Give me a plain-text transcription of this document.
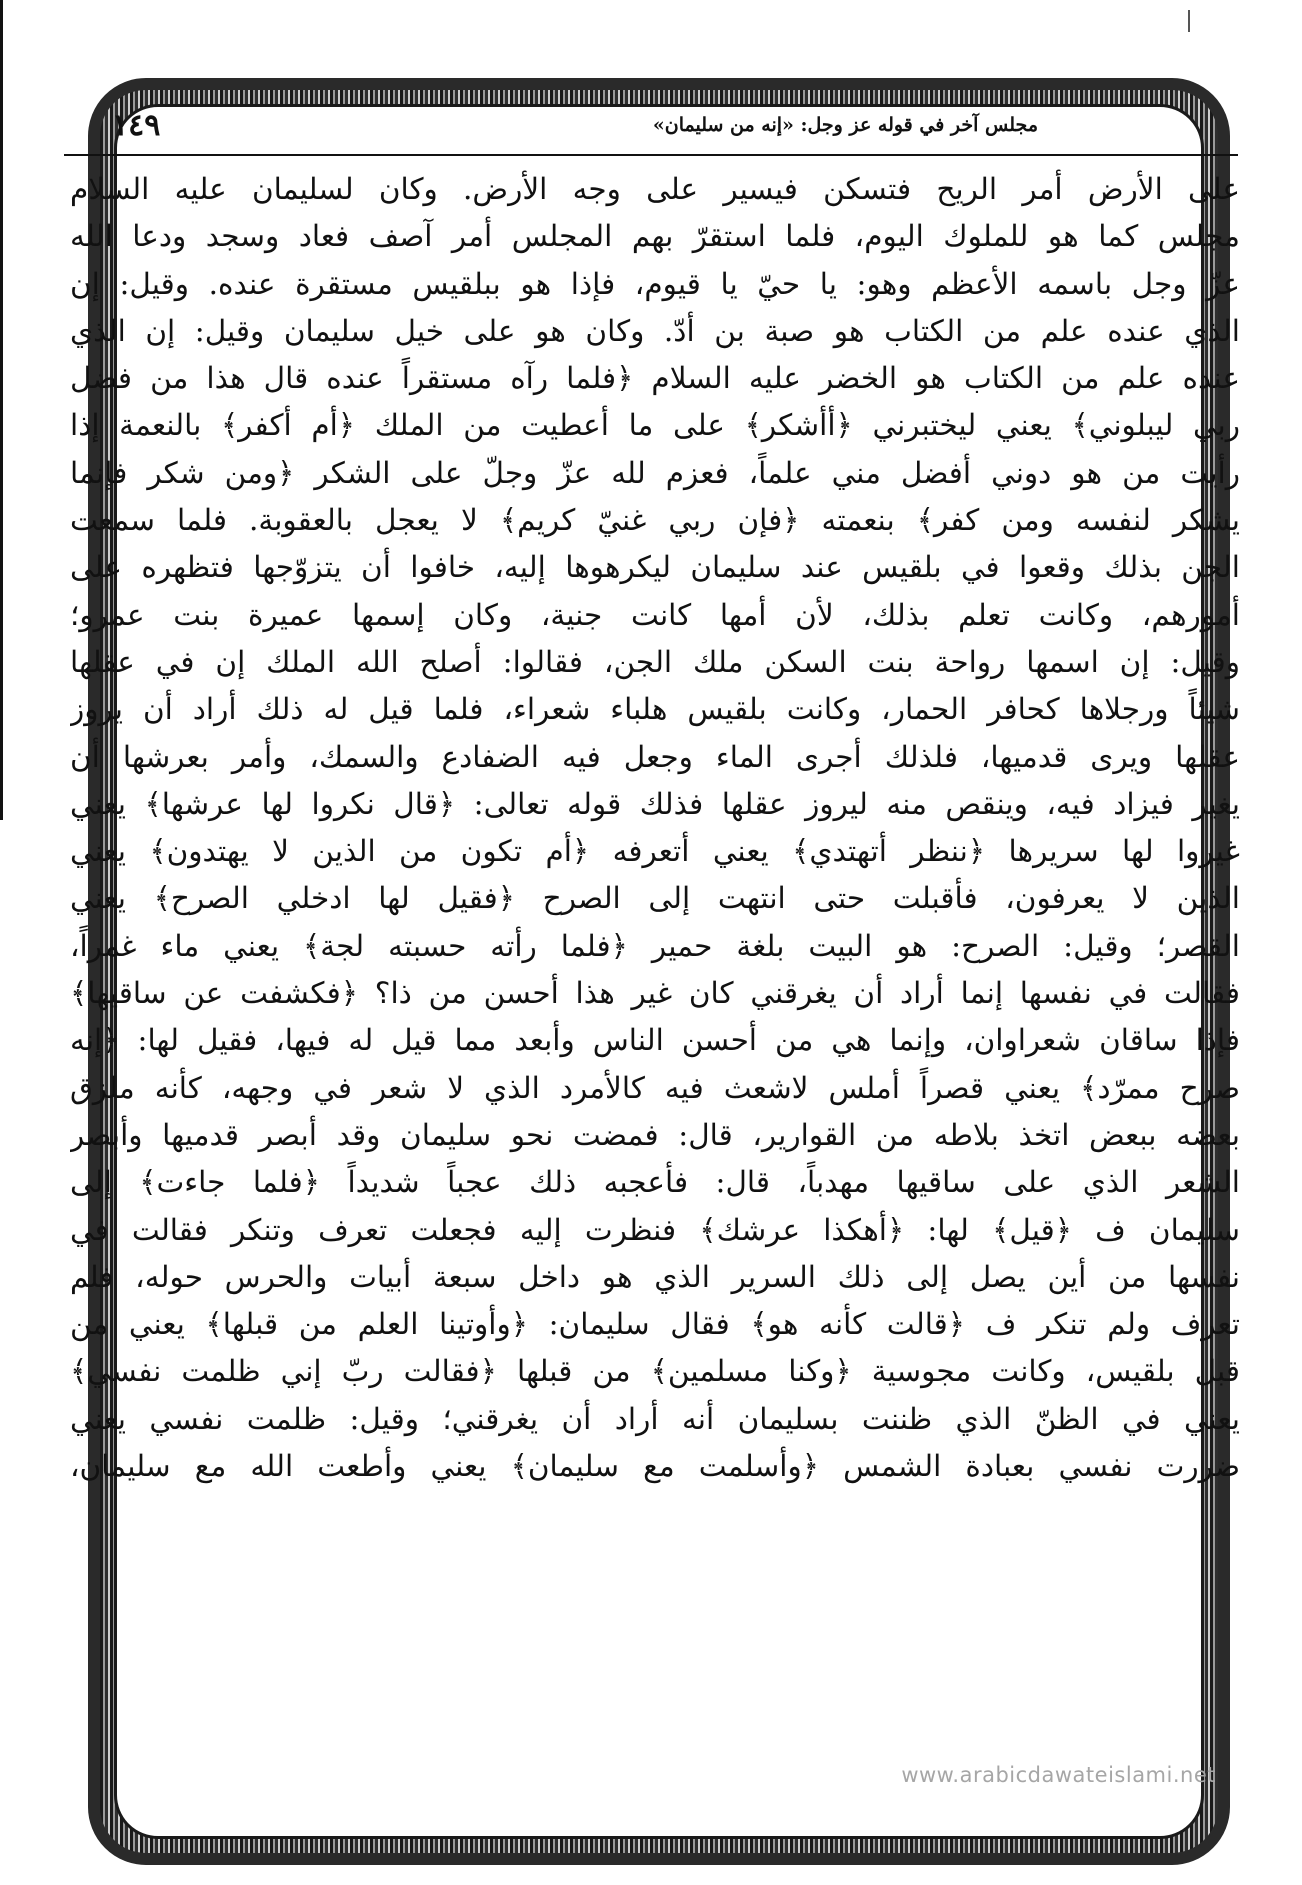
١٤٩	مجلس آخر في قوله عز وجل: «إنه من سليمان»
على الأرض أمر الريح فتسكن فيسير على وجه الأرض. وكان لسليمان عليه السلام
مجلس كما هو للملوك اليوم، فلما استقرّ بهم المجلس أمر آصف فعاد وسجد ودعا الله
عزّ وجل باسمه الأعظم وهو: يا حيّ يا قيوم، فإذا هو ببلقيس مستقرة عنده. وقيل: إن
الذي عنده علم من الكتاب هو صبة بن أدّ. وكان هو على خيل سليمان وقيل: إن الذي
عنده علم من الكتاب هو الخضر عليه السلام ﴿فلما رآه مستقراً عنده قال هذا من فضل
ربي ليبلوني﴾ يعني ليختبرني ﴿أأشكر﴾ على ما أعطيت من الملك ﴿أم أكفر﴾ بالنعمة إذا
رأيت من هو دوني أفضل مني علماً، فعزم لله عزّ وجلّ على الشكر ﴿ومن شكر فإنما
يشكر لنفسه ومن كفر﴾ بنعمته ﴿فإن ربي غنيّ كريم﴾ لا يعجل بالعقوبة. فلما سمعت
الجن بذلك وقعوا في بلقيس عند سليمان ليكرهوها إليه، خافوا أن يتزوّجها فتظهره على
أمورهم، وكانت تعلم بذلك، لأن أمها كانت جنية، وكان إسمها عميرة بنت عمرو؛
وقيل: إن اسمها رواحة بنت السكن ملك الجن، فقالوا: أصلح الله الملك إن في عقلها
شيئاً ورجلاها كحافر الحمار، وكانت بلقيس هلباء شعراء، فلما قيل له ذلك أراد أن يروز
عقلها ويرى قدميها، فلذلك أجرى الماء وجعل فيه الضفادع والسمك، وأمر بعرشها أن
يغير فيزاد فيه، وينقص منه ليروز عقلها فذلك قوله تعالى: ﴿قال نكروا لها عرشها﴾ يعني
غيروا لها سريرها ﴿ننظر أتهتدي﴾ يعني أتعرفه ﴿أم تكون من الذين لا يهتدون﴾ يعني
الذين لا يعرفون، فأقبلت حتى انتهت إلى الصرح ﴿فقيل لها ادخلي الصرح﴾ يعني
القصر؛ وقيل: الصرح: هو البيت بلغة حمير ﴿فلما رأته حسبته لجة﴾ يعني ماء غمراً،
فقالت في نفسها إنما أراد أن يغرقني كان غير هذا أحسن من ذا؟ ﴿فكشفت عن ساقيها﴾
فإذا ساقان شعراوان، وإنما هي من أحسن الناس وأبعد مما قيل له فيها، فقيل لها: ﴿إنه
صرح ممرّد﴾ يعني قصراً أملس لاشعث فيه كالأمرد الذي لا شعر في وجهه، كأنه ملزق
بعضه ببعض اتخذ بلاطه من القوارير، قال: فمضت نحو سليمان وقد أبصر قدميها وأبصر
الشعر الذي على ساقيها مهدباً، قال: فأعجبه ذلك عجباً شديداً ﴿فلما جاءت﴾ إلى
سليمان ف ﴿قيل﴾ لها: ﴿أهكذا عرشك﴾ فنظرت إليه فجعلت تعرف وتنكر فقالت في
نفسها من أين يصل إلى ذلك السرير الذي هو داخل سبعة أبيات والحرس حوله، فلم
تعرف ولم تنكر ف ﴿قالت كأنه هو﴾ فقال سليمان: ﴿وأوتينا العلم من قبلها﴾ يعني من
قبل بلقيس، وكانت مجوسية ﴿وكنا مسلمين﴾ من قبلها ﴿فقالت ربّ إني ظلمت نفسي﴾
يعني في الظنّ الذي ظننت بسليمان أنه أراد أن يغرقني؛ وقيل: ظلمت نفسي يعني
ضررت نفسي بعبادة الشمس ﴿وأسلمت مع سليمان﴾ يعني وأطعت الله مع سليمان،
www.arabicdawateislami.net
